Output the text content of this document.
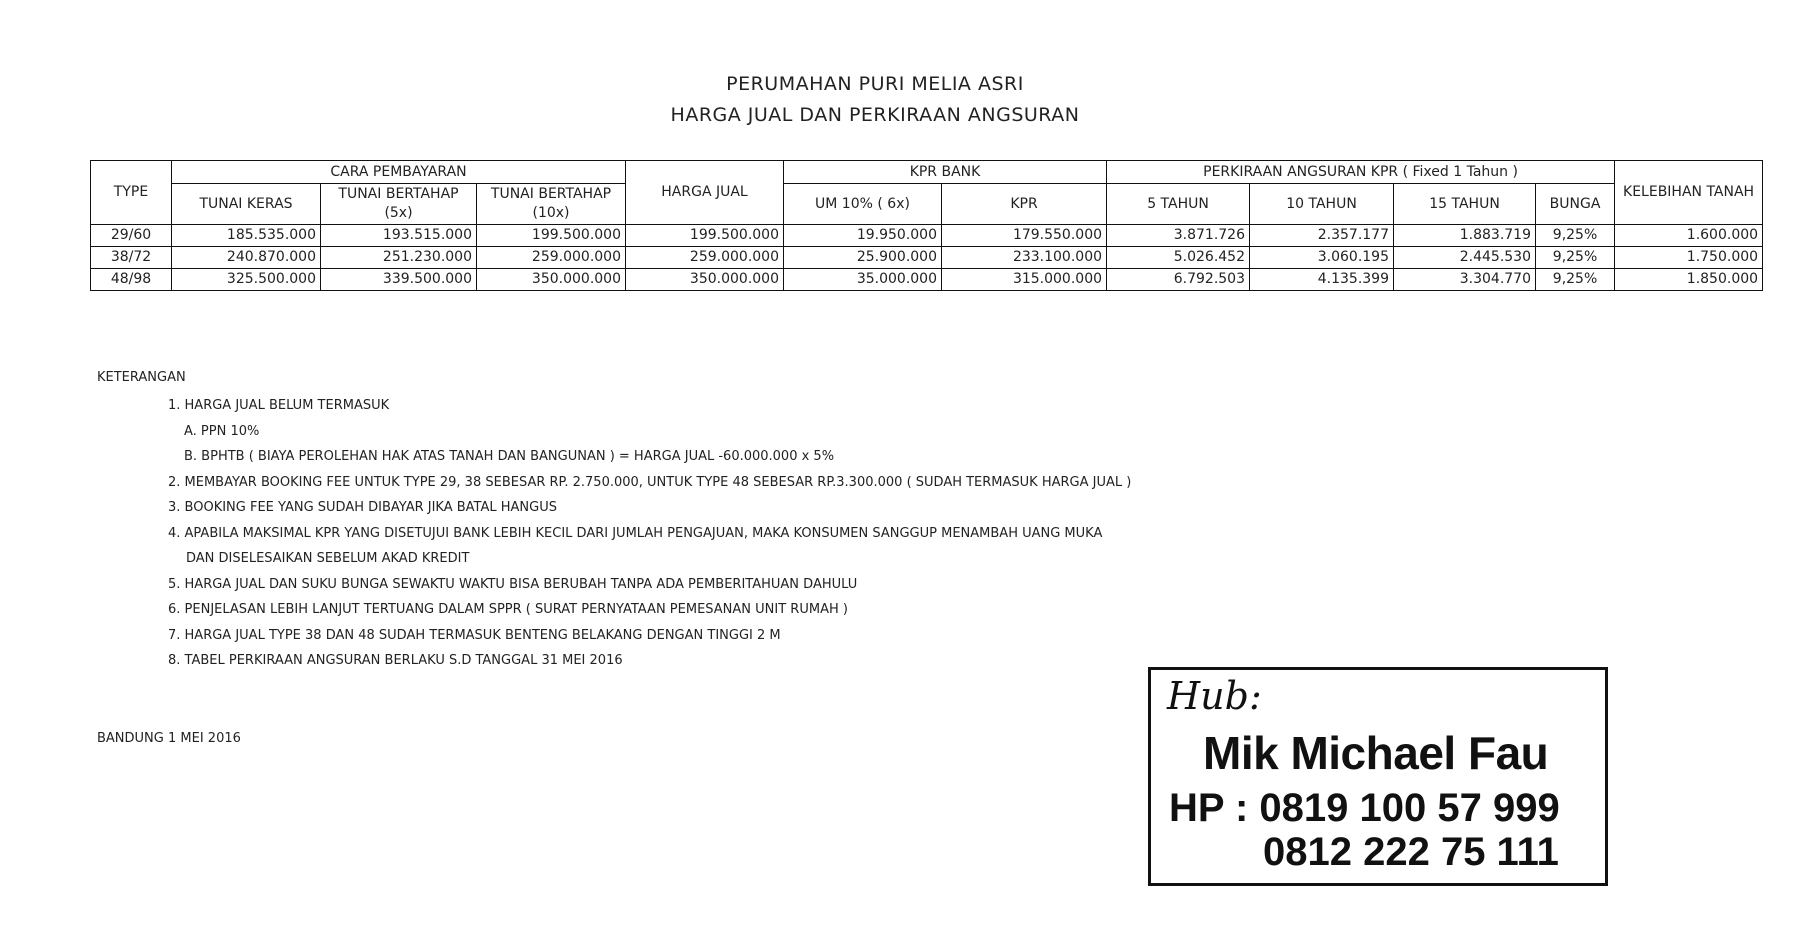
PERUMAHAN PURI MELIA ASRI
HARGA JUAL DAN PERKIRAAN ANGSURAN
TYPE	CARA PEMBAYARAN			HARGA JUAL	KPR BANK		PERKIRAAN ANGSURAN KPR ( Fixed 1 Tahun )				KELEBIHAN TANAH
	TUNAI KERAS	TUNAI BERTAHAP (5x)	TUNAI BERTAHAP (10x)		UM 10% ( 6x)	KPR	5 TAHUN	10 TAHUN	15 TAHUN	BUNGA	
29/60	185.535.000	193.515.000	199.500.000	199.500.000	19.950.000	179.550.000	3.871.726	2.357.177	1.883.719	9,25%	1.600.000
38/72	240.870.000	251.230.000	259.000.000	259.000.000	25.900.000	233.100.000	5.026.452	3.060.195	2.445.530	9,25%	1.750.000
48/98	325.500.000	339.500.000	350.000.000	350.000.000	35.000.000	315.000.000	6.792.503	4.135.399	3.304.770	9,25%	1.850.000
KETERANGAN
1. HARGA JUAL BELUM TERMASUK
A. PPN 10%
B. BPHTB ( BIAYA PEROLEHAN HAK ATAS TANAH DAN BANGUNAN ) = HARGA JUAL -60.000.000 x 5%
2. MEMBAYAR BOOKING FEE UNTUK TYPE 29, 38 SEBESAR RP. 2.750.000, UNTUK TYPE 48 SEBESAR RP.3.300.000 ( SUDAH TERMASUK HARGA JUAL )
3. BOOKING FEE YANG SUDAH DIBAYAR JIKA BATAL HANGUS
4. APABILA MAKSIMAL KPR YANG DISETUJUI BANK LEBIH KECIL DARI JUMLAH PENGAJUAN, MAKA KONSUMEN SANGGUP MENAMBAH UANG MUKA
DAN DISELESAIKAN SEBELUM AKAD KREDIT
5. HARGA JUAL DAN SUKU BUNGA SEWAKTU WAKTU BISA BERUBAH TANPA ADA PEMBERITAHUAN DAHULU
6. PENJELASAN LEBIH LANJUT TERTUANG DALAM SPPR ( SURAT PERNYATAAN PEMESANAN UNIT RUMAH )
7. HARGA JUAL TYPE 38 DAN 48 SUDAH TERMASUK BENTENG BELAKANG DENGAN TINGGI 2 M
8. TABEL PERKIRAAN ANGSURAN BERLAKU S.D TANGGAL 31 MEI 2016
BANDUNG 1 MEI 2016
Hub:
Mik Michael Fau
HP : 0819 100 57 999
0812 222 75 111
